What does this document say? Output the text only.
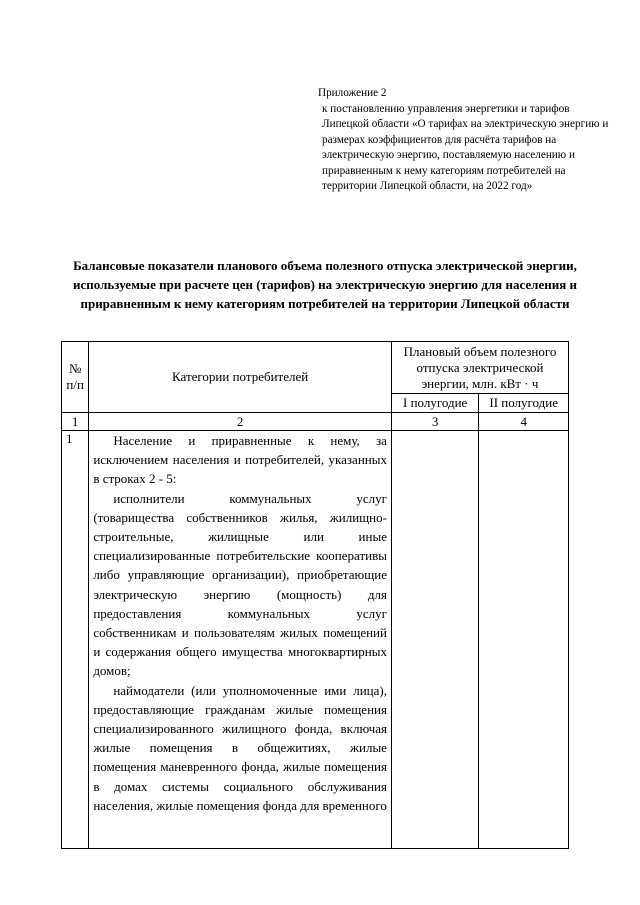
Приложение 2
к постановлению управления энергетики и тарифов Липецкой области «О тарифах на электрическую энергию и размерах коэффициентов для расчёта тарифов на электрическую энергию, поставляемую населению и приравненным к нему категориям потребителей на территории Липецкой области, на 2022 год»
Балансовые показатели планового объема полезного отпуска электрической энергии, используемые при расчете цен (тарифов) на электрическую энергию для населения и приравненным к нему категориям потребителей на территории Липецкой области
№ п/п	Категории потребителей	Плановый объем полезного отпуска электрической энергии, млн. кВт · ч	
		I полугодие	II полугодие
1	2	3	4
1	Население и приравненные к нему, за исключением населения и потребителей, указанных в строках 2 - 5:

исполнители коммунальных услуг (товарищества собственников жилья, жилищно-строительные, жилищные или иные специализированные потребительские кооперативы либо управляющие организации), приобретающие электрическую энергию (мощность) для предоставления коммунальных услуг собственникам и пользователям жилых помещений и содержания общего имущества многоквартирных домов;

наймодатели (или уполномоченные ими лица), предоставляющие гражданам жилые помещения специализированного жилищного фонда, включая жилые помещения в общежитиях, жилые помещения маневренного фонда, жилые помещения в домах системы социального обслуживания населения, жилые помещения фонда для временного		
